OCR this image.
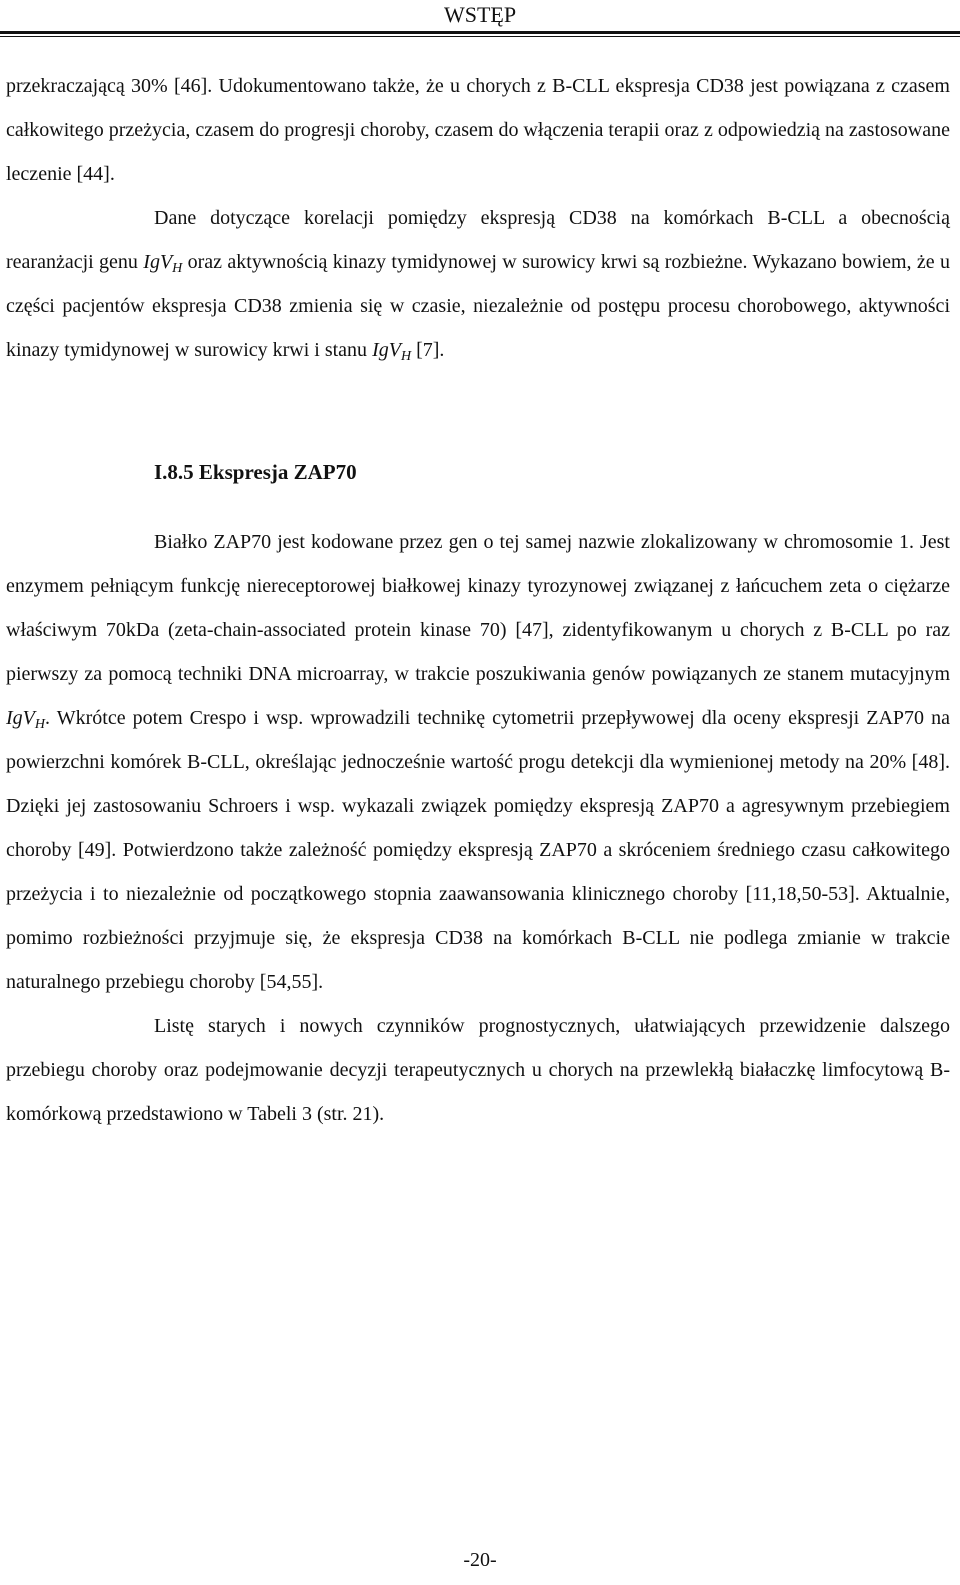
WSTĘP

przekraczającą 30% [46]. Udokumentowano także, że u chorych z B-CLL ekspresja CD38 jest powiązana z czasem całkowitego przeżycia, czasem do progresji choroby, czasem do włączenia terapii oraz z odpowiedzią na zastosowane leczenie [44].

Dane dotyczące korelacji pomiędzy ekspresją CD38 na komórkach B-CLL a obecnością rearanżacji genu IgV$_H$ oraz aktywnością kinazy tymidynowej w surowicy krwi są rozbieżne. Wykazano bowiem, że u części pacjentów ekspresja CD38 zmienia się w czasie, niezależnie od postępu procesu chorobowego, aktywności kinazy tymidynowej w surowicy krwi i stanu IgV$_H$ [7].

I.8.5 Ekspresja ZAP70

Białko ZAP70 jest kodowane przez gen o tej samej nazwie zlokalizowany w chromosomie 1. Jest enzymem pełniącym funkcję niereceptorowej białkowej kinazy tyrozynowej związanej z łańcuchem zeta o ciężarze właściwym 70kDa (zeta-chain-associated protein kinase 70) [47], zidentyfikowanym u chorych z B-CLL po raz pierwszy za pomocą techniki DNA microarray, w trakcie poszukiwania genów powiązanych ze stanem mutacyjnym IgV$_H$. Wkrótce potem Crespo i wsp. wprowadzili technikę cytometrii przepływowej dla oceny ekspresji ZAP70 na powierzchni komórek B-CLL, określając jednocześnie wartość progu detekcji dla wymienionej metody na 20% [48]. Dzięki jej zastosowaniu Schroers i wsp. wykazali związek pomiędzy ekspresją ZAP70 a agresywnym przebiegiem choroby [49]. Potwierdzono także zależność pomiędzy ekspresją ZAP70 a skróceniem średniego czasu całkowitego przeżycia i to niezależnie od początkowego stopnia zaawansowania klinicznego choroby [11,18,50-53]. Aktualnie, pomimo rozbieżności przyjmuje się, że ekspresja CD38 na komórkach B-CLL nie podlega zmianie w trakcie naturalnego przebiegu choroby [54,55].

Listę starych i nowych czynników prognostycznych, ułatwiających przewidzenie dalszego przebiegu choroby oraz podejmowanie decyzji terapeutycznych u chorych na przewlekłą białaczkę limfocytową B-komórkową przedstawiono w Tabeli 3 (str. 21).

-20-
